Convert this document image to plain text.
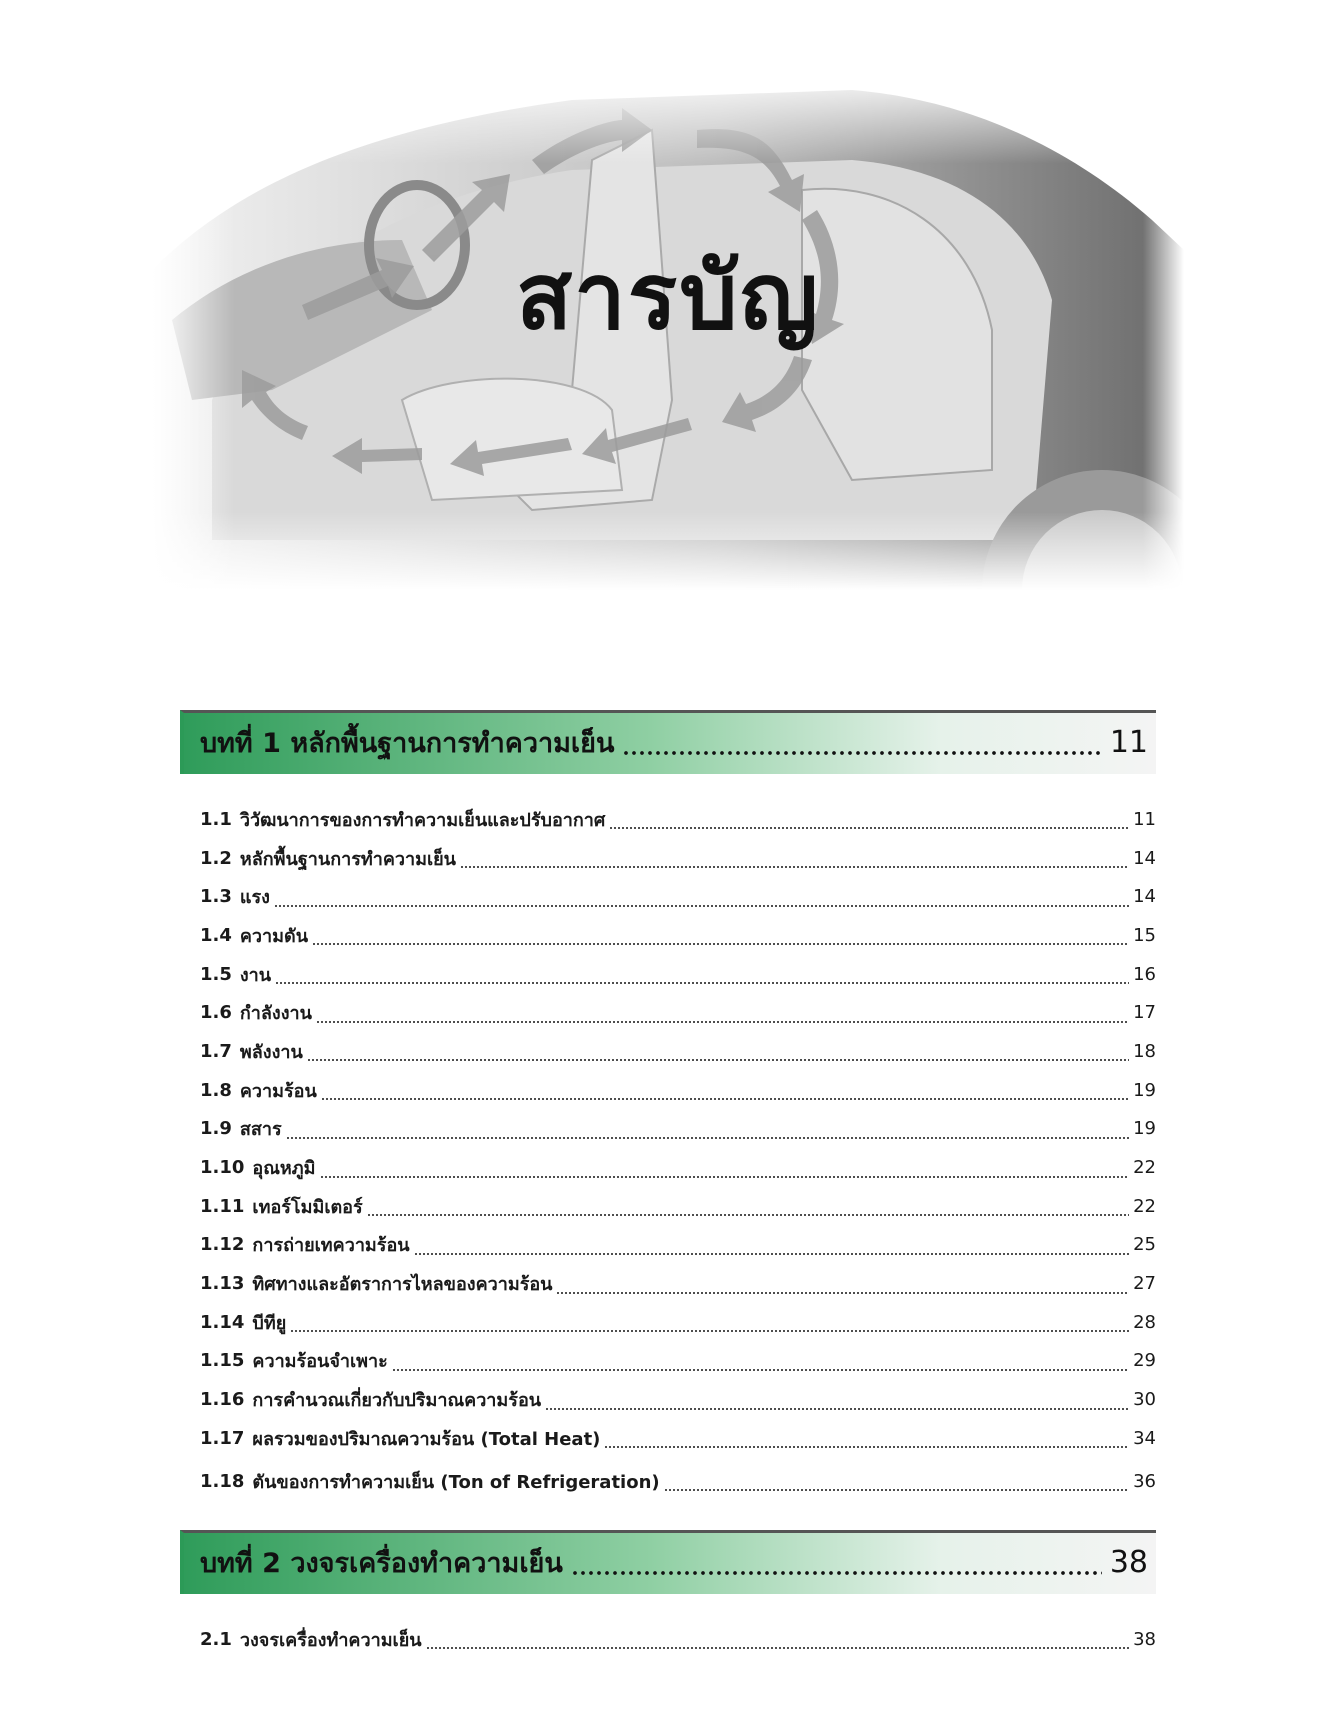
สารบัญ
บทที่ 1 หลักพื้นฐานการทำความเย็น	11
1.1 วิวัฒนาการของการทำความเย็นและปรับอากาศ	11
1.2 หลักพื้นฐานการทำความเย็น	14
1.3 แรง	14
1.4 ความดัน	15
1.5 งาน	16
1.6 กำลังงาน	17
1.7 พลังงาน	18
1.8 ความร้อน	19
1.9 สสาร	19
1.10 อุณหภูมิ	22
1.11 เทอร์โมมิเตอร์	22
1.12 การถ่ายเทความร้อน	25
1.13 ทิศทางและอัตราการไหลของความร้อน	27
1.14 บีทียู	28
1.15 ความร้อนจำเพาะ	29
1.16 การคำนวณเกี่ยวกับปริมาณความร้อน	30
1.17 ผลรวมของปริมาณความร้อน (Total Heat)	34
1.18 ตันของการทำความเย็น (Ton of Refrigeration)	36
บทที่ 2 วงจรเครื่องทำความเย็น	38
2.1 วงจรเครื่องทำความเย็น	38
